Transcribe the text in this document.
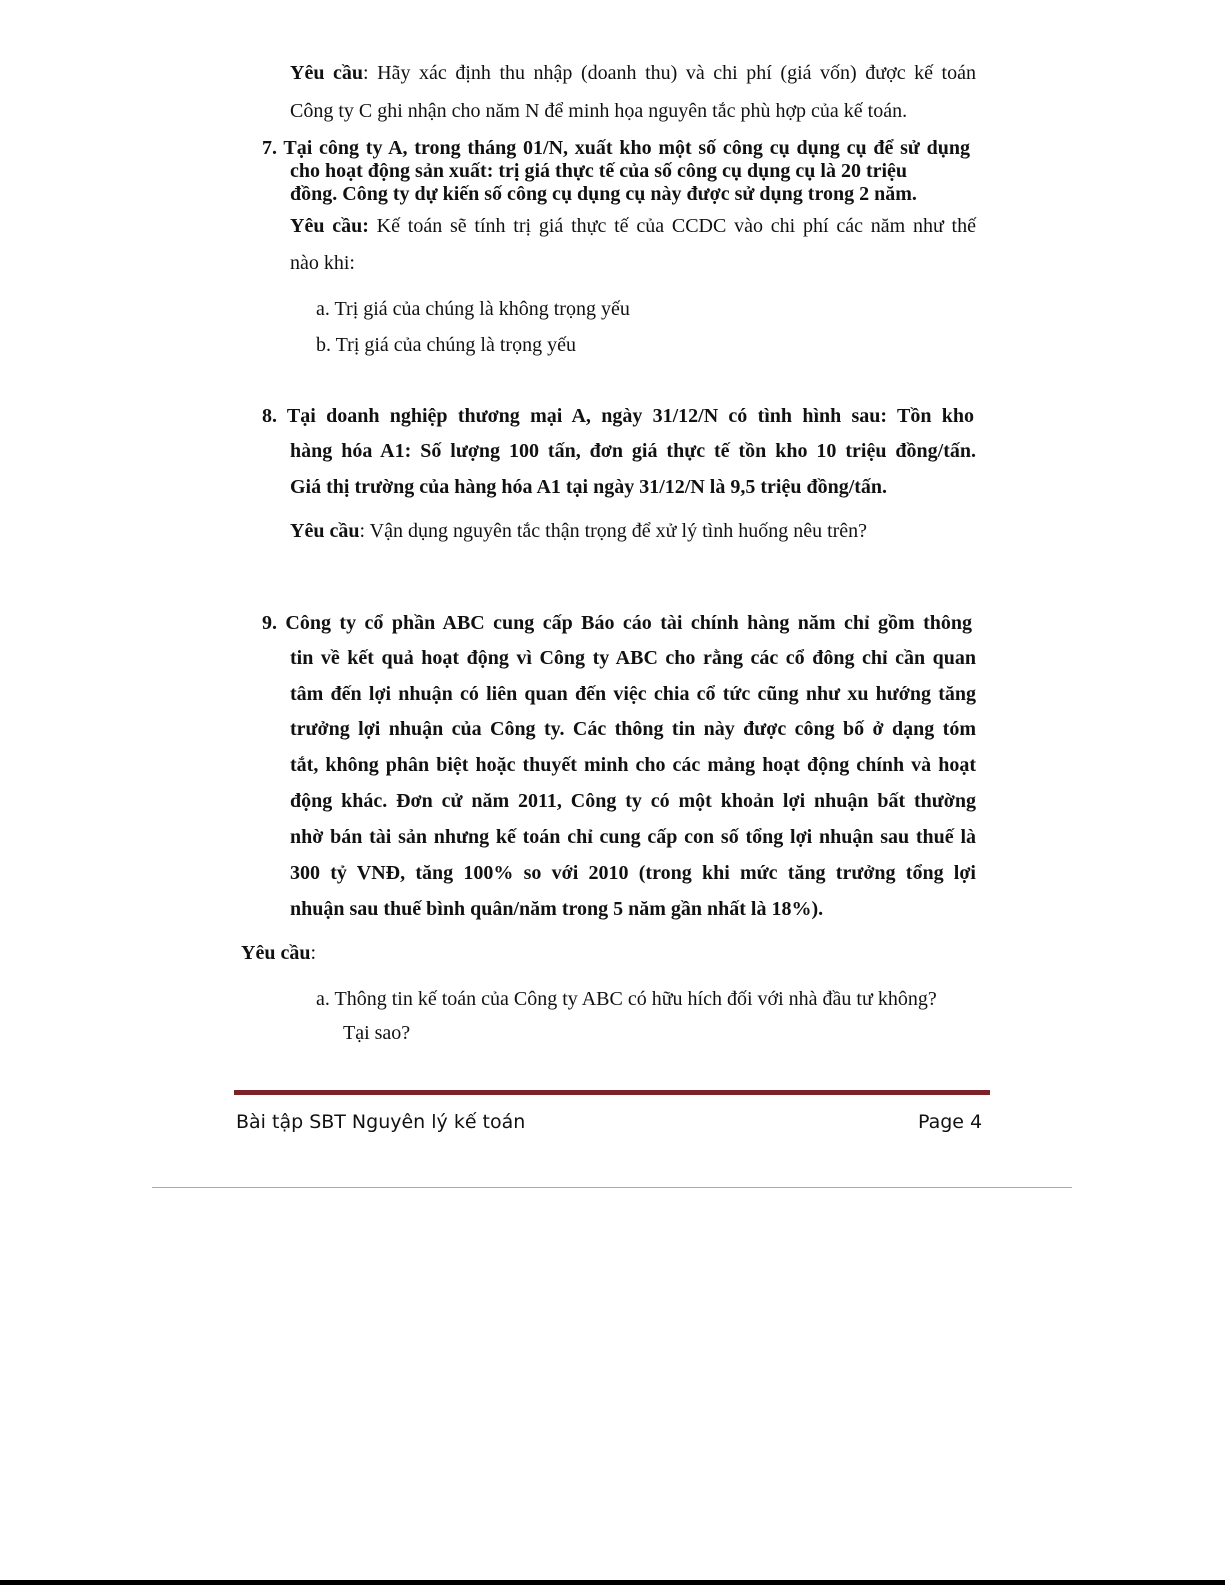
Yêu cầu: Hãy xác định thu nhập (doanh thu) và chi phí (giá vốn) được kế toán
Công ty C ghi nhận cho năm N để minh họa nguyên tắc phù hợp của kế toán.
7. Tại công ty A, trong tháng 01/N, xuất kho một số công cụ dụng cụ để sử dụng
cho hoạt động sản xuất: trị giá thực tế của số công cụ dụng cụ là 20 triệu
đồng. Công ty dự kiến số công cụ dụng cụ này được sử dụng trong 2 năm.
Yêu cầu: Kế toán sẽ tính trị giá thực tế của CCDC vào chi phí các năm như thế
nào khi:
a. Trị giá của chúng là không trọng yếu
b. Trị giá của chúng là trọng yếu
8. Tại doanh nghiệp thương mại A, ngày 31/12/N có tình hình sau: Tồn kho
hàng hóa A1: Số lượng 100 tấn, đơn giá thực tế tồn kho 10 triệu đồng/tấn.
Giá thị trường của hàng hóa A1 tại ngày 31/12/N là 9,5 triệu đồng/tấn.
Yêu cầu: Vận dụng nguyên tắc thận trọng để xử lý tình huống nêu trên?
9. Công ty cổ phần ABC cung cấp Báo cáo tài chính hàng năm chỉ gồm thông
tin về kết quả hoạt động vì Công ty ABC cho rằng các cổ đông chỉ cần quan
tâm đến lợi nhuận có liên quan đến việc chia cổ tức cũng như xu hướng tăng
trưởng lợi nhuận của Công ty. Các thông tin này được công bố ở dạng tóm
tắt, không phân biệt hoặc thuyết minh cho các mảng hoạt động chính và hoạt
động khác. Đơn cử năm 2011, Công ty có một khoản lợi nhuận bất thường
nhờ bán tài sản nhưng kế toán chỉ cung cấp con số tổng lợi nhuận sau thuế là
300 tỷ VNĐ, tăng 100% so với 2010 (trong khi mức tăng trưởng tổng lợi
nhuận sau thuế bình quân/năm trong 5 năm gần nhất là 18%).
Yêu cầu:
a. Thông tin kế toán của Công ty ABC có hữu hích đối với nhà đầu tư không?
Tại sao?
Bài tập SBT Nguyên lý kế toán	Page 4
